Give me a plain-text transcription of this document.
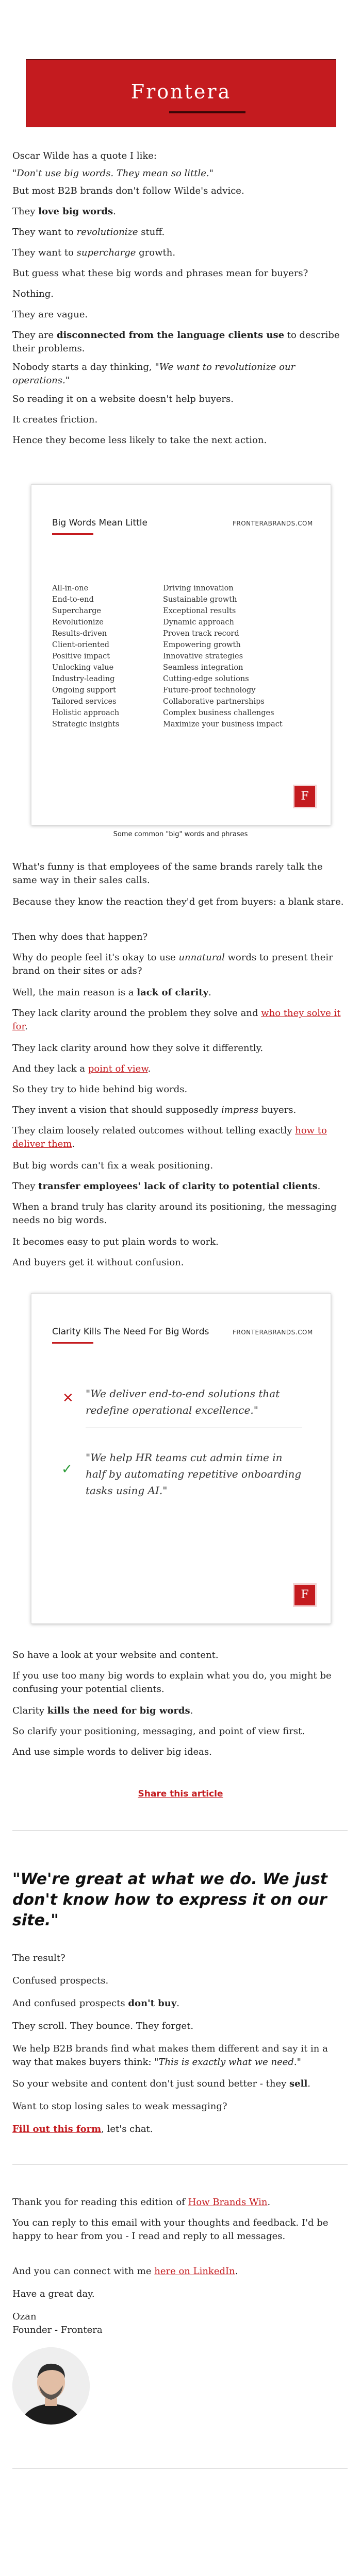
Frontera

Oscar Wilde has a quote I like:

"Don't use big words. They mean so little."

But most B2B brands don't follow Wilde's advice.

They love big words.

They want to revolutionize stuff.

They want to supercharge growth.

But guess what these big words and phrases mean for buyers?

Nothing.

They are vague.

They are disconnected from the language clients use to describe their problems.

Nobody starts a day thinking, "We want to revolutionize our operations."

So reading it on a website doesn't help buyers.

It creates friction.

Hence they become less likely to take the next action.

Big Words Mean Little	FRONTERABRANDS.COM
All-in-one
End-to-end
Supercharge
Revolutionize
Results-driven
Client-oriented
Positive impact
Unlocking value
Industry-leading
Ongoing support
Tailored services
Holistic approach
Strategic insights
Driving innovation
Sustainable growth
Exceptional results
Dynamic approach
Proven track record
Empowering growth
Innovative strategies
Seamless integration
Cutting-edge solutions
Future-proof technology
Collaborative partnerships
Complex business challenges
Maximize your business impact
F
Some common "big" words and phrases

What's funny is that employees of the same brands rarely talk the same way in their sales calls.

Because they know the reaction they'd get from buyers: a blank stare.

Then why does that happen?

Why do people feel it's okay to use unnatural words to present their brand on their sites or ads?

Well, the main reason is a lack of clarity.

They lack clarity around the problem they solve and who they solve it for.

They lack clarity around how they solve it differently.

And they lack a point of view.

So they try to hide behind big words.

They invent a vision that should supposedly impress buyers.

They claim loosely related outcomes without telling exactly how to deliver them.

But big words can't fix a weak positioning.

They transfer employees' lack of clarity to potential clients.

When a brand truly has clarity around its positioning, the messaging needs no big words.

It becomes easy to put plain words to work.

And buyers get it without confusion.

Clarity Kills The Need For Big Words	FRONTERABRANDS.COM
✕ "We deliver end-to-end solutions that redefine operational excellence."
✓
"We help HR teams cut admin time in half by automating repetitive onboarding tasks using AI."
F

So have a look at your website and content.

If you use too many big words to explain what you do, you might be confusing your potential clients.

Clarity kills the need for big words.

So clarify your positioning, messaging, and point of view first.

And use simple words to deliver big ideas.

Share this article
"We're great at what we do. We just don't know how to express it on our site."

The result?

Confused prospects.

And confused prospects don't buy.

They scroll. They bounce. They forget.

We help B2B brands find what makes them different and say it in a way that makes buyers think: "This is exactly what we need."

So your website and content don't just sound better - they sell.

Want to stop losing sales to weak messaging?

Fill out this form, let's chat.

Thank you for reading this edition of How Brands Win.

You can reply to this email with your thoughts and feedback. I'd be happy to hear from you - I read and reply to all messages.

And you can connect with me here on LinkedIn.

Have a great day.

Ozan

Founder - Frontera
